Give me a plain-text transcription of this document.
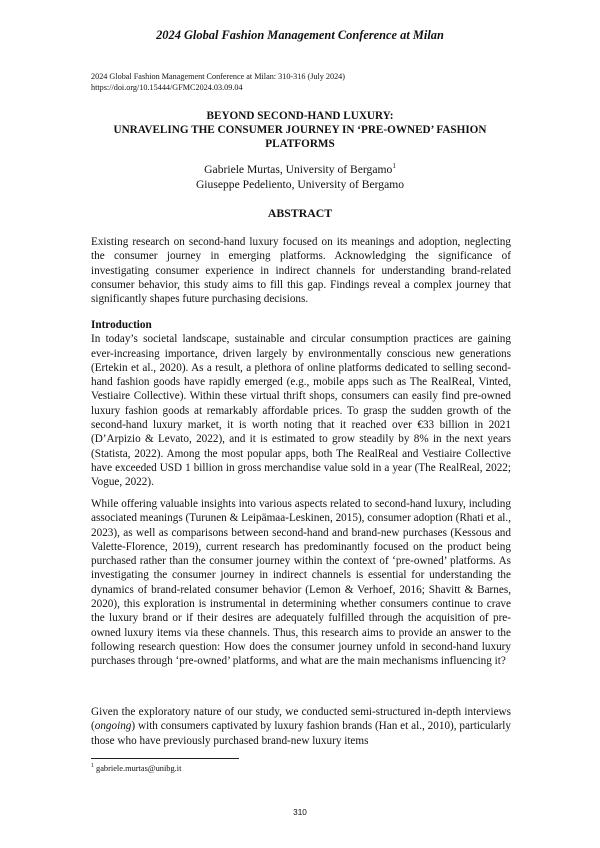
2024 Global Fashion Management Conference at Milan
2024 Global Fashion Management Conference at Milan: 310-316 (July 2024)
https://doi.org/10.15444/GFMC2024.03.09.04
BEYOND SECOND-HAND LUXURY:
UNRAVELING THE CONSUMER JOURNEY IN ‘PRE-OWNED’ FASHION
PLATFORMS
Gabriele Murtas, University of Bergamo$^1$
Giuseppe Pedeliento, University of Bergamo
ABSTRACT

Existing research on second-hand luxury focused on its meanings and adoption, neglecting the consumer journey in emerging platforms. Acknowledging the significance of investigating consumer experience in indirect channels for understanding brand-related consumer behavior, this study aims to fill this gap. Findings reveal a complex journey that significantly shapes future purchasing decisions.

Introduction

In today’s societal landscape, sustainable and circular consumption practices are gaining ever-increasing importance, driven largely by environmentally conscious new generations (Ertekin et al., 2020). As a result, a plethora of online platforms dedicated to selling second-hand fashion goods have rapidly emerged (e.g., mobile apps such as The RealReal, Vinted, Vestiaire Collective). Within these virtual thrift shops, consumers can easily find pre-owned luxury fashion goods at remarkably affordable prices. To grasp the sudden growth of the second-hand luxury market, it is worth noting that it reached over €33 billion in 2021 (D’Arpizio & Levato, 2022), and it is estimated to grow steadily by 8% in the next years (Statista, 2022). Among the most popular apps, both The RealReal and Vestiaire Collective have exceeded USD 1 billion in gross merchandise value sold in a year (The RealReal, 2022; Vogue, 2022).

While offering valuable insights into various aspects related to second-hand luxury, including associated meanings (Turunen & Leipämaa-Leskinen, 2015), consumer adoption (Rhati et al., 2023), as well as comparisons between second-hand and brand-new purchases (Kessous and Valette-Florence, 2019), current research has predominantly focused on the product being purchased rather than the consumer journey within the context of ‘pre-owned’ platforms. As investigating the consumer journey in indirect channels is essential for understanding the dynamics of brand-related consumer behavior (Lemon & Verhoef, 2016; Shavitt & Barnes, 2020), this exploration is instrumental in determining whether consumers continue to crave the luxury brand or if their desires are adequately fulfilled through the acquisition of pre-owned luxury items via these channels. Thus, this research aims to provide an answer to the following research question: How does the consumer journey unfold in second-hand luxury purchases through ‘pre-owned’ platforms, and what are the main mechanisms influencing it?

Given the exploratory nature of our study, we conducted semi-structured in-depth interviews (ongoing) with consumers captivated by luxury fashion brands (Han et al., 2010), particularly those who have previously purchased brand-new luxury items

$^1$ gabriele.murtas@unibg.it
310
